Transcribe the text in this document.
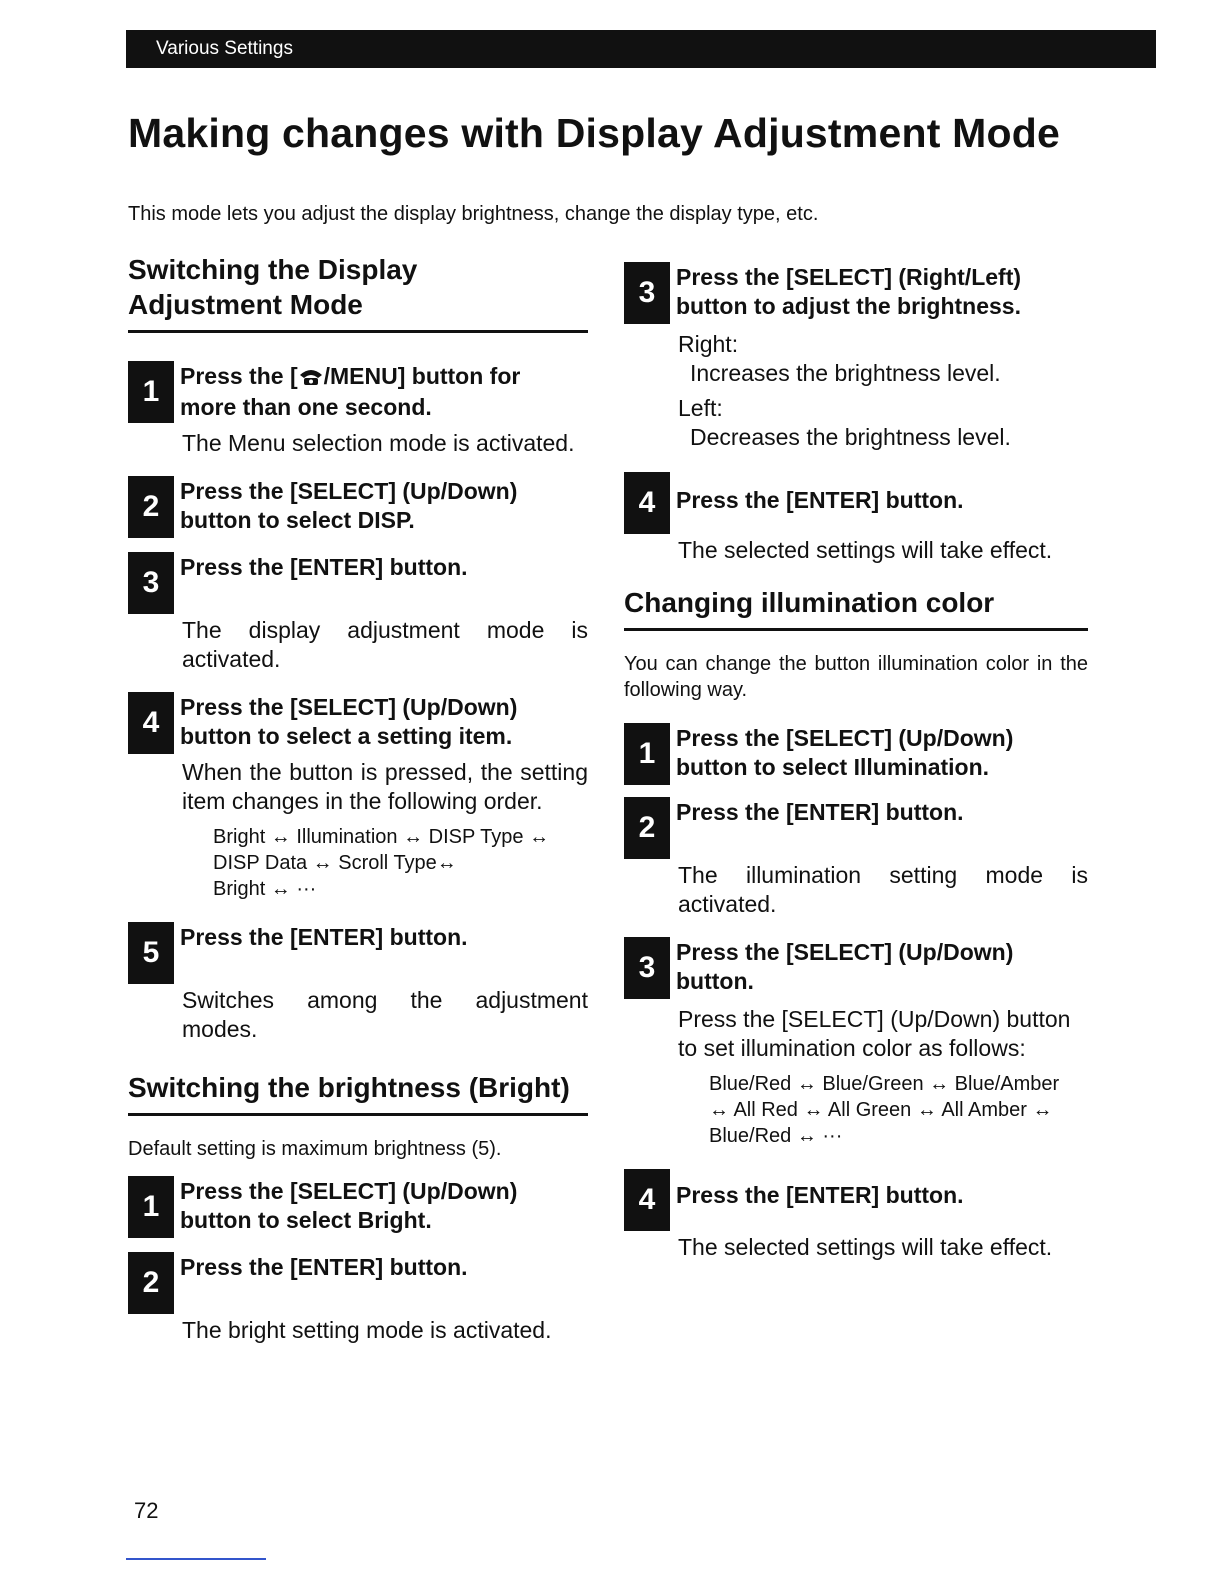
Various Settings
Making changes with Display Adjustment Mode
This mode lets you adjust the display brightness, change the display type, etc.
Switching the Display
Adjustment Mode
1 Press the [ /MENU] button for
more than one second.
The Menu selection mode is activated.
2 Press the [SELECT] (Up/Down)
button to select DISP.
3 Press the [ENTER] button.
The display adjustment mode is activated.
4 Press the [SELECT] (Up/Down)
button to select a setting item.
When the button is pressed, the setting item changes in the following order.
Bright ↔ Illumination ↔ DISP Type ↔
DISP Data ↔ Scroll Type↔
Bright ↔ ···
5 Press the [ENTER] button.
Switches among the adjustment modes.
Switching the brightness (Bright)
Default setting is maximum brightness (5).
1 Press the [SELECT] (Up/Down)
button to select Bright.
2 Press the [ENTER] button.
The bright setting mode is activated.
3 Press the [SELECT] (Right/Left)
button to adjust the brightness.
Right:
Increases the brightness level.
Left:
Decreases the brightness level.
4 Press the [ENTER] button.
The selected settings will take effect.
Changing illumination color
You can change the button illumination color in the following way.
1 Press the [SELECT] (Up/Down)
button to select Illumination.
2 Press the [ENTER] button.
The illumination setting mode is activated.
3 Press the [SELECT] (Up/Down)
button.
Press the [SELECT] (Up/Down) button to set illumination color as follows:
Blue/Red ↔ Blue/Green ↔ Blue/Amber
↔ All Red ↔ All Green ↔ All Amber ↔
Blue/Red ↔ ···
4 Press the [ENTER] button.
The selected settings will take effect.
72
